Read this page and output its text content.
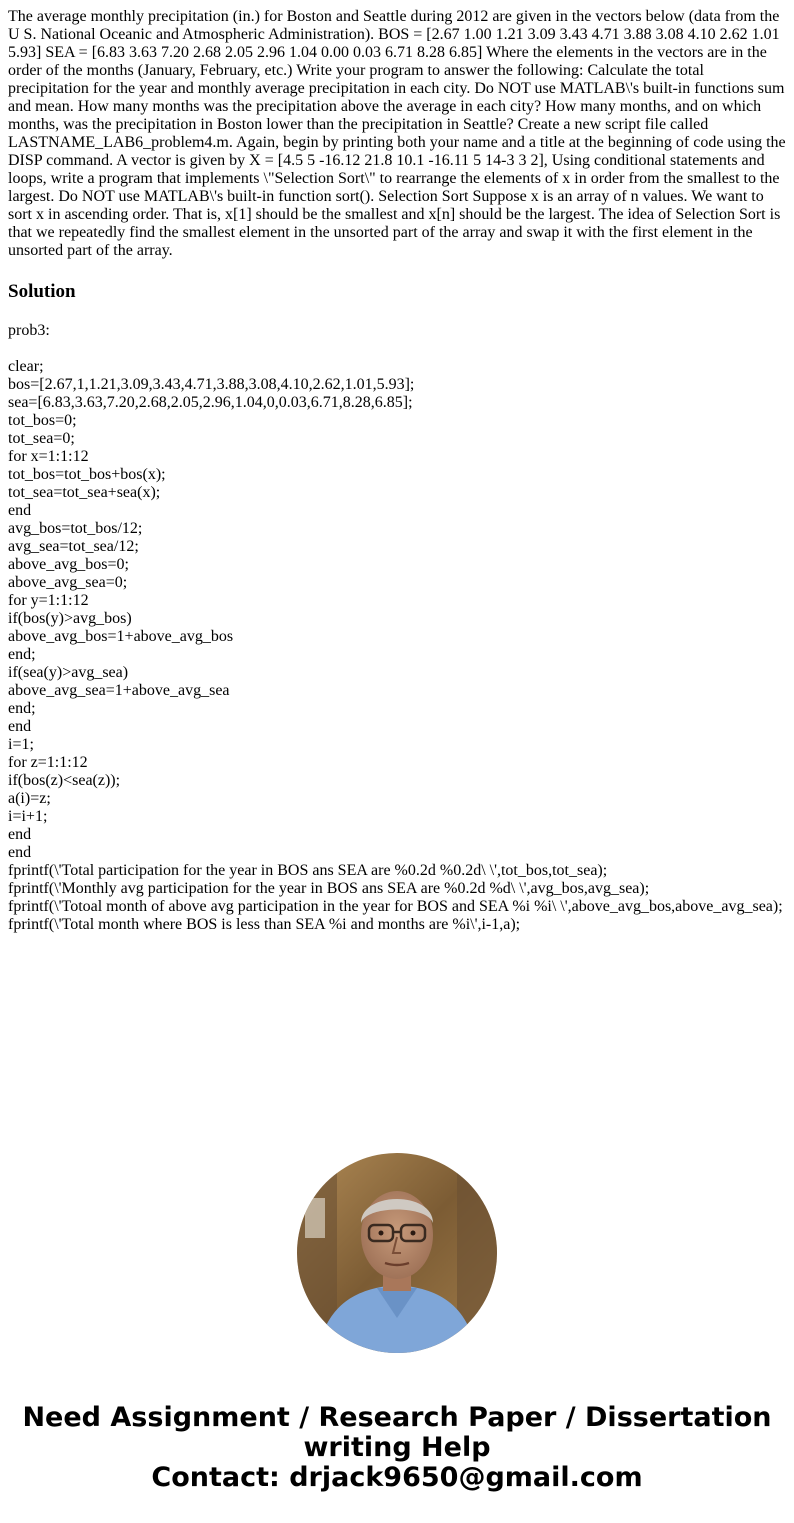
The average monthly precipitation (in.) for Boston and Seattle during 2012 are given in the vectors below (data from the U S. National Oceanic and Atmospheric Administration). BOS = [2.67 1.00 1.21 3.09 3.43 4.71 3.88 3.08 4.10 2.62 1.01 5.93] SEA = [6.83 3.63 7.20 2.68 2.05 2.96 1.04 0.00 0.03 6.71 8.28 6.85] Where the elements in the vectors are in the order of the months (January, February, etc.) Write your program to answer the following: Calculate the total precipitation for the year and monthly average precipitation in each city. Do NOT use MATLAB\'s built-in functions sum and mean. How many months was the precipitation above the average in each city? How many months, and on which months, was the precipitation in Boston lower than the precipitation in Seattle? Create a new script file called LASTNAME_LAB6_problem4.m. Again, begin by printing both your name and a title at the beginning of code using the DISP command. A vector is given by X = [4.5 5 -16.12 21.8 10.1 -16.11 5 14-3 3 2], Using conditional statements and loops, write a program that implements \"Selection Sort\" to rearrange the elements of x in order from the smallest to the largest. Do NOT use MATLAB\'s built-in function sort(). Selection Sort Suppose x is an array of n values. We want to sort x in ascending order. That is, x[1] should be the smallest and x[n] should be the largest. The idea of Selection Sort is that we repeatedly find the smallest element in the unsorted part of the array and swap it with the first element in the unsorted part of the array.

Solution

prob3:

clear;
bos=[2.67,1,1.21,3.09,3.43,4.71,3.88,3.08,4.10,2.62,1.01,5.93];
sea=[6.83,3.63,7.20,2.68,2.05,2.96,1.04,0,0.03,6.71,8.28,6.85];
tot_bos=0;
tot_sea=0;
for x=1:1:12
tot_bos=tot_bos+bos(x);
tot_sea=tot_sea+sea(x);
end
avg_bos=tot_bos/12;
avg_sea=tot_sea/12;
above_avg_bos=0;
above_avg_sea=0;
for y=1:1:12
if(bos(y)>avg_bos)
above_avg_bos=1+above_avg_bos
end;
if(sea(y)>avg_sea)
above_avg_sea=1+above_avg_sea
end;
end
i=1;
for z=1:1:12
if(bos(z)<sea(z));
a(i)=z;
i=i+1;
end
end
fprintf(\'Total participation for the year in BOS ans SEA are %0.2d %0.2d\ \',tot_bos,tot_sea);
fprintf(\'Monthly avg participation for the year in BOS ans SEA are %0.2d %d\ \',avg_bos,avg_sea);
fprintf(\'Totoal month of above avg participation in the year for BOS and SEA %i %i\ \',above_avg_bos,above_avg_sea);
fprintf(\'Total month where BOS is less than SEA %i and months are %i\',i-1,a);
Need Assignment / Research Paper / Dissertation
writing Help
Contact: drjack9650@gmail.com
